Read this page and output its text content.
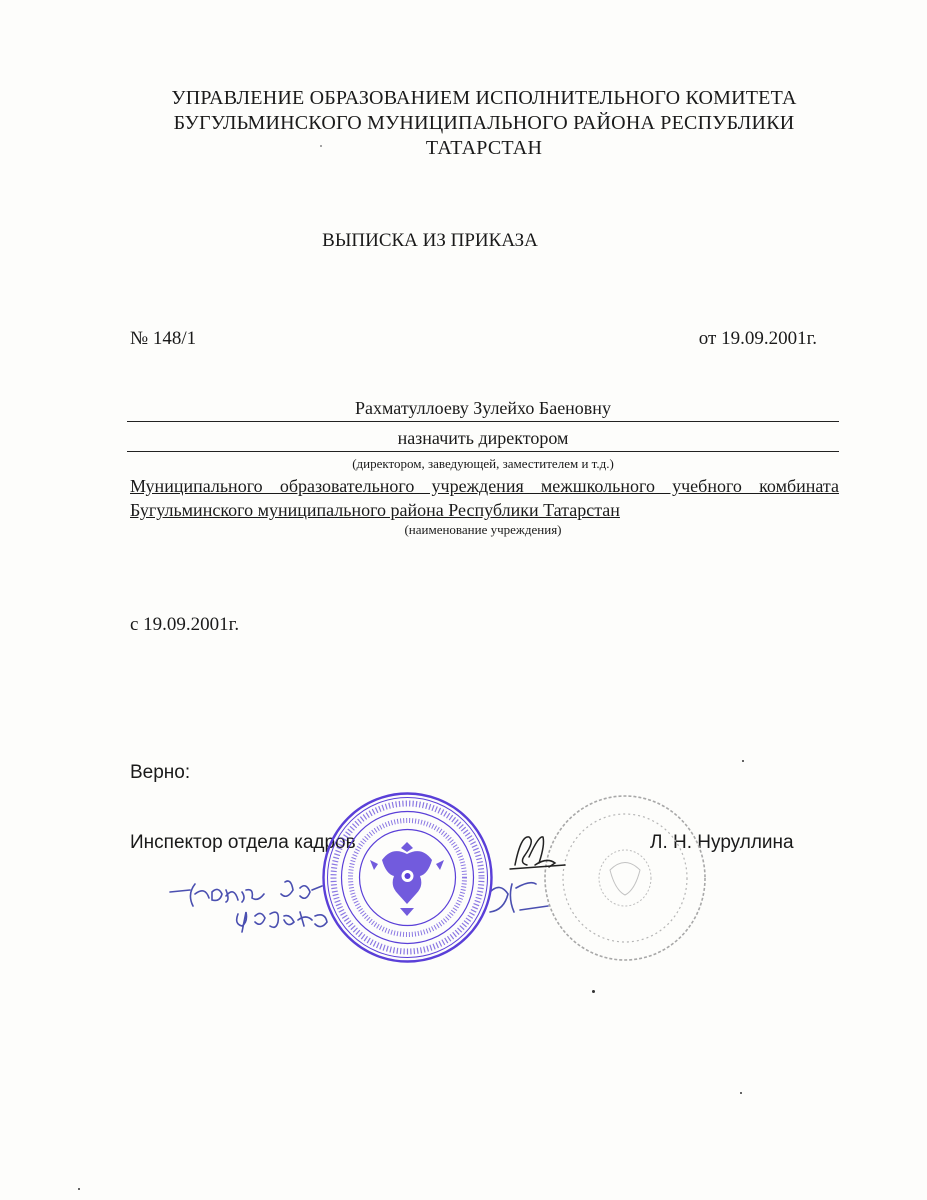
УПРАВЛЕНИЕ ОБРАЗОВАНИЕМ ИСПОЛНИТЕЛЬНОГО КОМИТЕТА
БУГУЛЬМИНСКОГО МУНИЦИПАЛЬНОГО РАЙОНА РЕСПУБЛИКИ
ТАТАРСТАН
ВЫПИСКА ИЗ ПРИКАЗА
№ 148/1	от 19.09.2001г.
Рахматуллоеву Зулейхо Баеновну
назначить директором
(директором, заведующей, заместителем и т.д.)
Муниципального образовательного учреждения межшкольного учебного комбината Бугульминского муниципального района Республики Татарстан
(наименование учреждения)
с 19.09.2001г.
Верно:
Инспектор отдела кадров	Л. Н. Нуруллина
